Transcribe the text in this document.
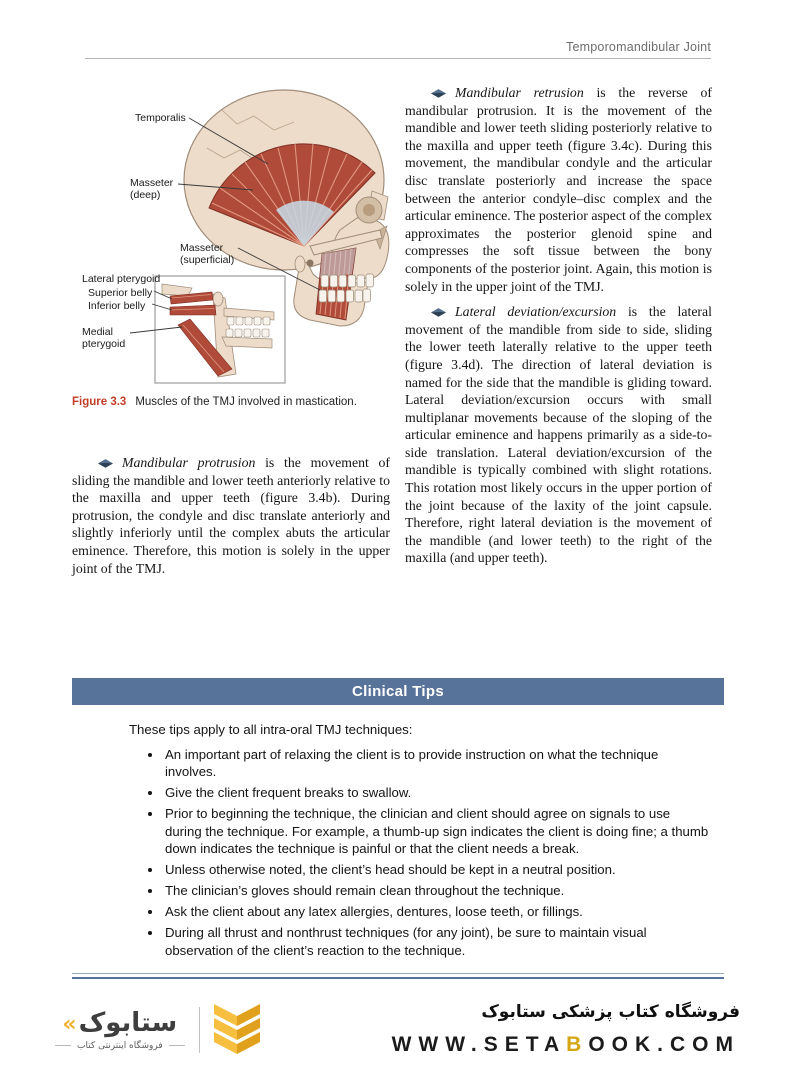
Temporomandibular Joint
Temporalis
Masseter (deep)
Masseter (superficial)
Lateral pterygoid
Superior belly
Inferior belly
Medial pterygoid
Figure 3.3 Muscles of the TMJ involved in mastication.

Mandibular protrusion is the movement of sliding the mandible and lower teeth anteriorly relative to the maxilla and upper teeth (figure 3.4b). During protrusion, the condyle and disc translate anteriorly and slightly inferiorly until the complex abuts the articular eminence. Therefore, this motion is solely in the upper joint of the TMJ.

Mandibular retrusion is the reverse of mandibular protrusion. It is the movement of the mandible and lower teeth sliding posteriorly relative to the maxilla and upper teeth (figure 3.4c). During this movement, the mandibular condyle and the articular disc translate posteriorly and increase the space between the anterior condyle–disc complex and the articular eminence. The posterior aspect of the complex approximates the posterior glenoid spine and compresses the soft tissue between the bony components of the posterior joint. Again, this motion is solely in the upper joint of the TMJ.

Lateral deviation/excursion is the lateral movement of the mandible from side to side, sliding the lower teeth laterally relative to the upper teeth (figure 3.4d). The direction of lateral deviation is named for the side that the mandible is gliding toward. Lateral deviation/excursion occurs with small multiplanar movements because of the sloping of the articular eminence and happens primarily as a side-to-side translation. Lateral deviation/excursion of the mandible is typically combined with slight rotations. This rotation most likely occurs in the upper portion of the joint because of the laxity of the joint capsule. Therefore, right lateral deviation is the movement of the mandible (and lower teeth) to the right of the maxilla (and upper teeth).

Clinical Tips

These tips apply to all intra-oral TMJ techniques:

• An important part of relaxing the client is to provide instruction on what the technique involves.
• Give the client frequent breaks to swallow.
• Prior to beginning the technique, the clinician and client should agree on signals to use during the technique. For example, a thumb-up sign indicates the client is doing fine; a thumb down indicates the technique is painful or that the client needs a break.
• Unless otherwise noted, the client’s head should be kept in a neutral position.
• The clinician’s gloves should remain clean throughout the technique.
• Ask the client about any latex allergies, dentures, loose teeth, or fillings.
• During all thrust and nonthrust techniques (for any joint), be sure to maintain visual observation of the client’s reaction to the technique.
«ستابوک
فروشگاه اینترنتی کتاب
فروشگاه کتاب پزشکی ستابوک
WWW.SETABOOK.COM
